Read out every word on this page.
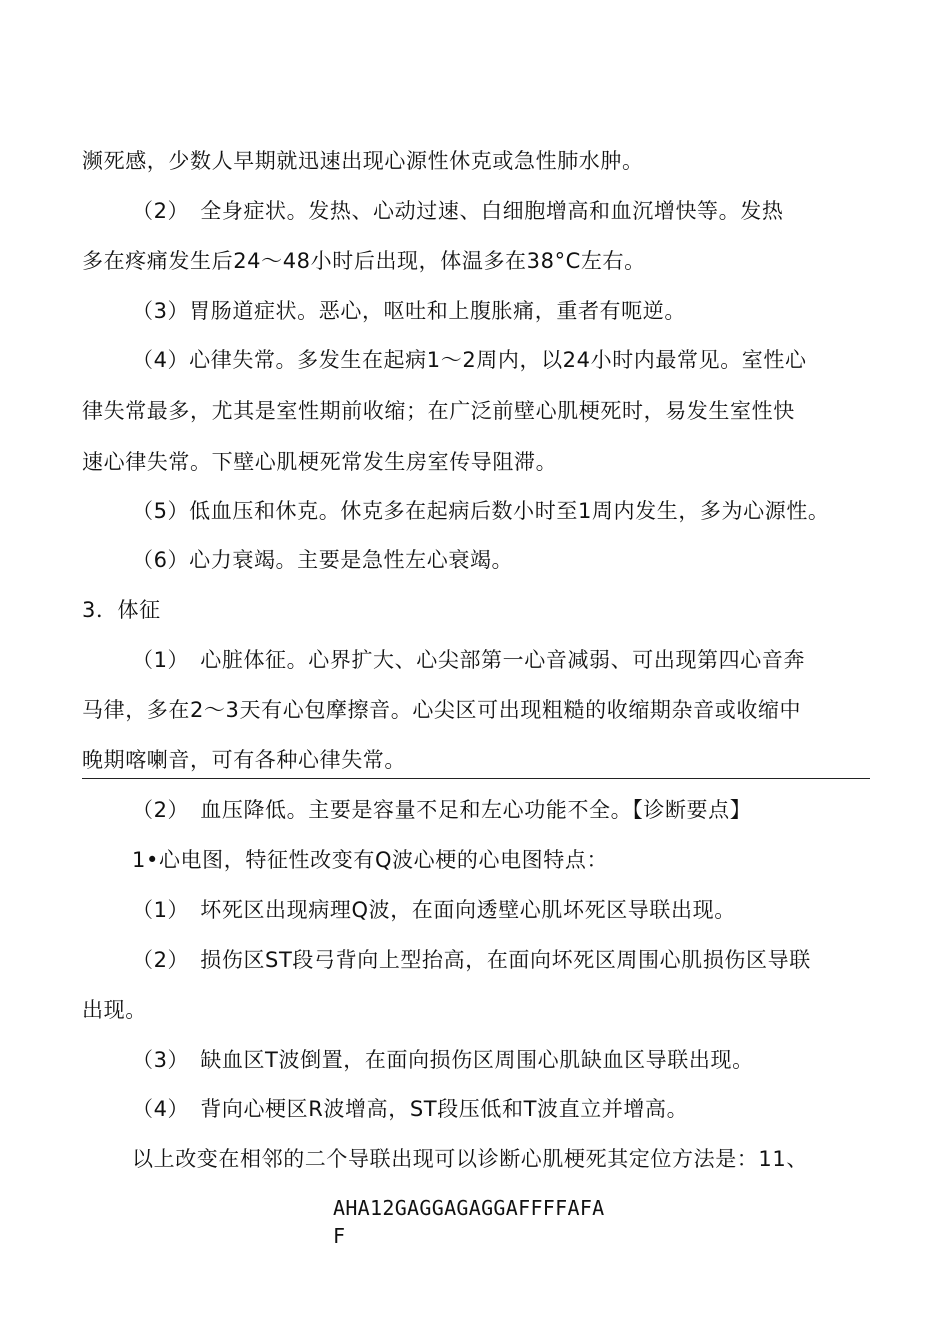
濒死感，少数人早期就迅速出现心源性休克或急性肺水肿。
（2）　全身症状。发热、心动过速、白细胞增高和血沉增快等。发热
多在疼痛发生后24〜48小时后出现，体温多在38°C左右。
（3）胃肠道症状。恶心，呕吐和上腹胀痛，重者有呃逆。
（4）心律失常。多发生在起病1〜2周内，以24小时内最常见。室性心
律失常最多，尤其是室性期前收缩；在广泛前壁心肌梗死时，易发生室性快
速心律失常。下壁心肌梗死常发生房室传导阻滞。
（5）低血压和休克。休克多在起病后数小时至1周内发生，多为心源性。
（6）心力衰竭。主要是急性左心衰竭。
3．体征
（1）　心脏体征。心界扩大、心尖部第一心音减弱、可出现第四心音奔
马律，多在2〜3天有心包摩擦音。心尖区可出现粗糙的收缩期杂音或收缩中
晚期喀喇音，可有各种心律失常。
（2）　血压降低。主要是容量不足和左心功能不全。【诊断要点】
1•心电图，特征性改变有Q波心梗的心电图特点：
（1）　坏死区出现病理Q波，在面向透壁心肌坏死区导联出现。
（2）　损伤区ST段弓背向上型抬高，在面向坏死区周围心肌损伤区导联
出现。
（3）　缺血区T波倒置，在面向损伤区周围心肌缺血区导联出现。
（4）　背向心梗区R波增高，ST段压低和T波直立并增高。
以上改变在相邻的二个导联出现可以诊断心肌梗死其定位方法是：11、
AHA12GAGGAGAGGAFFFFAFA
F
